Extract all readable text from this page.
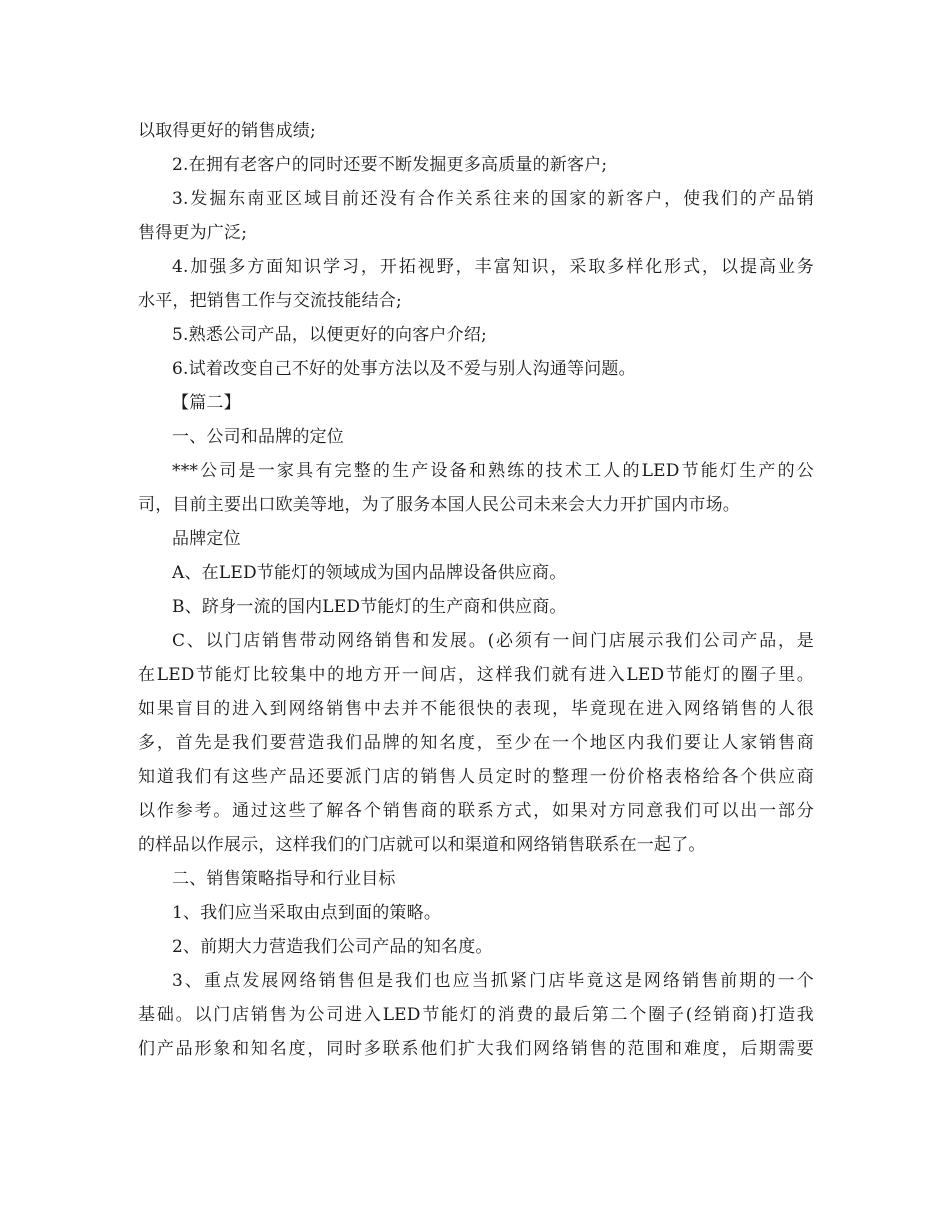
以取得更好的销售成绩;
2.在拥有老客户的同时还要不断发掘更多高质量的新客户;
3.发掘东南亚区域目前还没有合作关系往来的国家的新客户，使我们的产品销
售得更为广泛;
4.加强多方面知识学习，开拓视野，丰富知识，采取多样化形式，以提高业务
水平，把销售工作与交流技能结合;
5.熟悉公司产品，以便更好的向客户介绍;
6.试着改变自己不好的处事方法以及不爱与别人沟通等问题。
【篇二】
一、公司和品牌的定位
***公司是一家具有完整的生产设备和熟练的技术工人的LED节能灯生产的公
司，目前主要出口欧美等地，为了服务本国人民公司未来会大力开扩国内市场。
品牌定位
A、在LED节能灯的领域成为国内品牌设备供应商。
B、跻身一流的国内LED节能灯的生产商和供应商。
C、以门店销售带动网络销售和发展。(必须有一间门店展示我们公司产品，是
在LED节能灯比较集中的地方开一间店，这样我们就有进入LED节能灯的圈子里。
如果盲目的进入到网络销售中去并不能很快的表现，毕竟现在进入网络销售的人很
多，首先是我们要营造我们品牌的知名度，至少在一个地区内我们要让人家销售商
知道我们有这些产品还要派门店的销售人员定时的整理一份价格表格给各个供应商
以作参考。通过这些了解各个销售商的联系方式，如果对方同意我们可以出一部分
的样品以作展示，这样我们的门店就可以和渠道和网络销售联系在一起了。
二、销售策略指导和行业目标
1、我们应当采取由点到面的策略。
2、前期大力营造我们公司产品的知名度。
3、重点发展网络销售但是我们也应当抓紧门店毕竟这是网络销售前期的一个
基础。以门店销售为公司进入LED节能灯的消费的最后第二个圈子(经销商)打造我
们产品形象和知名度，同时多联系他们扩大我们网络销售的范围和难度，后期需要
